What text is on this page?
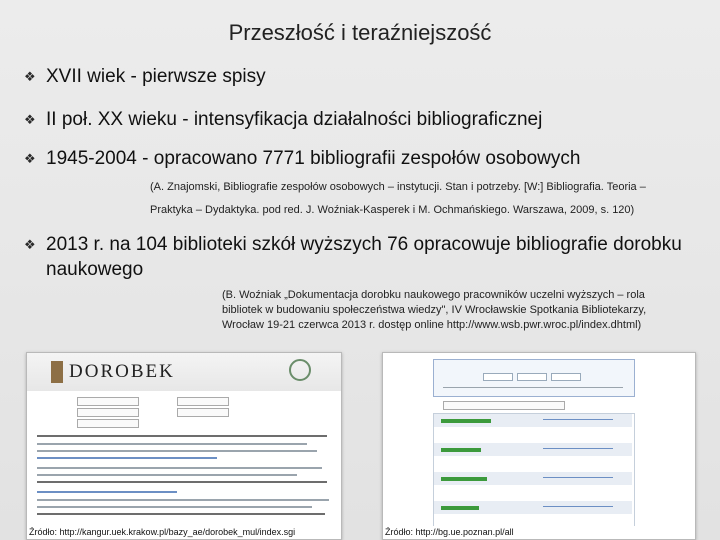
Przeszłość i teraźniejszość
❖ XVII wiek - pierwsze spisy
❖ II poł. XX wieku - intensyfikacja działalności bibliograficznej
❖ 1945-2004 - opracowano 7771 bibliografii zespołów osobowych
(A. Znajomski, Bibliografie zespołów osobowych – instytucji. Stan i potrzeby. [W:] Bibliografia. Teoria –
Praktyka – Dydaktyka. pod red. J. Woźniak-Kasperek i M. Ochmański​ego. Warszawa, 2009, s. 120)
❖ 2013 r. na 104 biblioteki szkół wyższych 76 opracowuje bibliografie dorobku naukowego
(B. Woźniak „Dokumentacja dorobku naukowego pracowników uczelni wyższych – rola
bibliotek w budowaniu społeczeństwa wiedzy", IV Wrocławskie Spotkania Bibliotekarzy,
Wrocław 19-21 czerwca 2013 r. dostęp online http://www.wsb.pwr.wroc.pl/index.dhtml)
DOROBEK
Źródło: http://kangur.uek.krakow.pl/bazy_ae/dorobek_mul/index.sgi	Źródło: http://bg.ue.poznan.pl/all
